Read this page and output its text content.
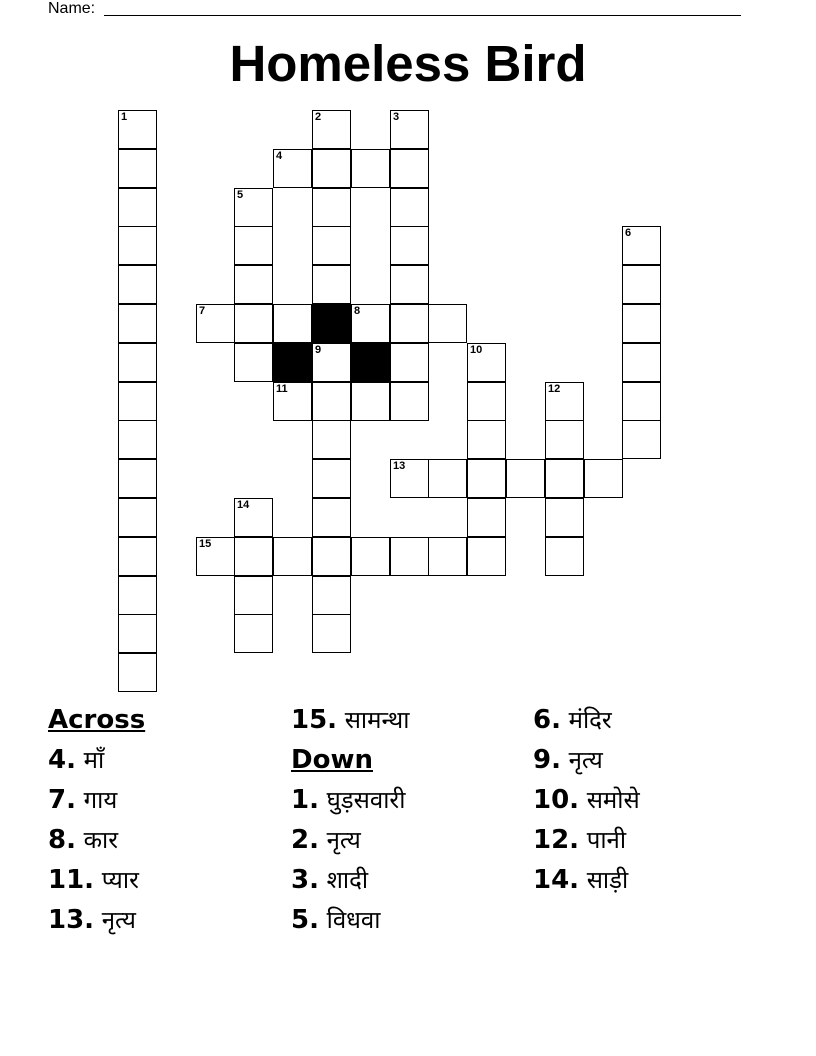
Name:
Homeless Bird
1	2	3
4
5
6
7	8
9	10
11	12
13
14
15
Across
4. माँ
7. गाय
8. कार
11. प्यार
13. नृत्य
15. सामन्था
Down
1. घुड़सवारी
2. नृत्य
3. शादी
5. विधवा
6. मंदिर
9. नृत्य
10. समोसे
12. पानी
14. साड़ी
